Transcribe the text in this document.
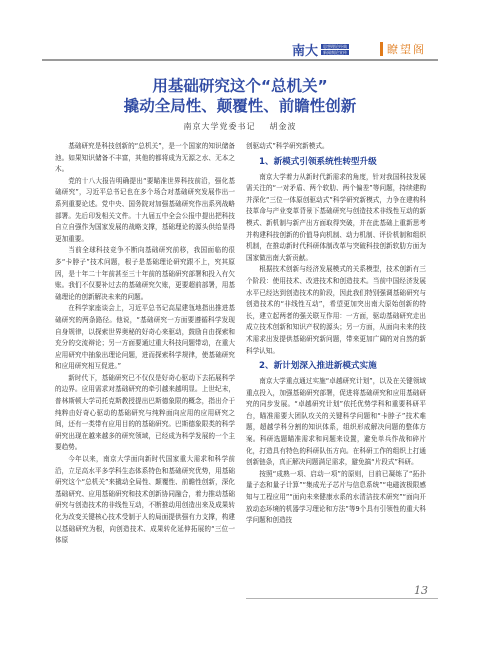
南大	思想理论经典
新闻舆论宣传	瞭望阁
用基础研究这个“总机关”
撬动全局性、颠覆性、前瞻性创新
南京大学党委书记 胡金波

基础研究是科技创新的“总机关”，是一个国家的知识储备池。如果知识储备不丰富，其他的都将成为无源之水、无本之木。

党的十八大报告明确提出“要瞄准世界科技前沿，强化基础研究”，习近平总书记也在多个场合对基础研究发展作出一系列重要论述。党中央、国务院对加强基础研究作出系列战略部署。先后印发相关文件。十九届五中全会公报中提出把科技自立自强作为国家发展的战略支撑，基础理论的源头供给显得更加重要。

当前全球科技竞争不断向基础研究前移，我国面临的很多“卡脖子”技术问题，根子是基础理论研究跟不上，究其原因，是十年二十年前甚至三十年前的基础研究部署和投入有欠账。我们不仅要补过去的基础研究欠账，更要超前部署，用基础理论的创新解决未来的问题。

在科学家座谈会上，习近平总书记高屋建瓴地指出推进基础研究的两条路径。他说，“基础研究一方面要遵循科学发现自身规律，以探索世界奥秘的好奇心来驱动，鼓励自由探索和充分的交流辩论；另一方面要通过重大科技问题带动，在重大应用研究中抽象出理论问题，进而探索科学规律，使基础研究和应用研究相互促进。”

新时代下，基础研究已不仅仅是好奇心驱动下去拓展科学的边界。应用需求对基础研究的牵引越来越明显。上世纪末，普林斯顿大学司托克斯教授提出巴斯德象限的概念，指出介于纯粹由好奇心驱动的基础研究与纯粹面向应用的应用研究之间，还有一类带有应用目的的基础研究。巴斯德象限类的科学研究出现在越来越多的研究领域，已经成为科学发展的一个主要趋势。

今年以来，南京大学面向新时代国家重大需求和科学前沿，立足高水平多学科生态体系特色和基础研究优势，用基础研究这个“总机关”来撬动全局性、颠覆性、前瞻性创新，深化基础研究、应用基础研究和技术创新协同融合，着力推动基础研究与创造技术的非线性互动，不断推动用创造出来及成果转化为改变关键核心技术受制于人的局面提供强有力支撑，构建以基础研究为根，向创造技术、成果转化延伸拓展的“三位一体原

创驱动式”科学研究新模式。

1、新模式引领系统性转型升级

南京大学着力从新时代新需求的角度，针对我国科技发展需关注的“一对矛盾、两个软肋、两个偏差”等问题，持续建构并深化“三位一体原创驱动式”科学研究新模式，力争在建构科技革命与产业变革背景下基础研究与创造技术非线性互动的新模式、新机制与新产出方面取得突破，并在此基础上重新思考并构建科技创新的价值导向机制、动力机制、评价机制和组织机制，在推动新时代科研体制改革与突破科技创新软肋方面为国家做出南大新贡献。

根据技术创新与经济发展模式的关系模型，技术创新有三个阶段：使用技术、改进技术和创造技术。当前中国经济发展水平已经达到创造技术的阶段，因此我们特别强调基础研究与创造技术的“非线性互动”，希望更加突出南大原始创新的特长，建立起两者的强关联互作用：一方面，驱动基础研究走出成立技术创新和知识产权的源头；另一方面，从面向未来的技术需求出发提供基础研究新问题，带来更加广阔的对自然的新科学认知。

2、新计划深入推进新模式实施

南京大学重点通过实施“卓越研究计划”，以及在关键领域重点投入，加强基础研究部署，促进将基础研究和应用基础研究的同步发展。“卓越研究计划”依托优势学科和重要科研平台，瞄准需要大团队攻关的关键科学问题和“卡脖子”技术难题，超越学科分割的知识体系，组织形成解决问题的整体方案。科研选题瞄准需求和问题来设置，避免单兵作战和碎片化，打造具有特色的科研队伍方向。在科研工作的组织上打通创新链条，真正解决问题满足需求，避免搞“片段式”科研。

按照“成熟一项、启动一项”的原则，目前已凝练了“拓扑量子态和量子计算”“集成光子芯片与信息系统”“电磁波极限感知与工程应用”“面向未来健康水系的水清洁技术研究”“面向开放动态环境的机器学习理论和方法”等9个具有引领性的重大科学问题和创造技

13
